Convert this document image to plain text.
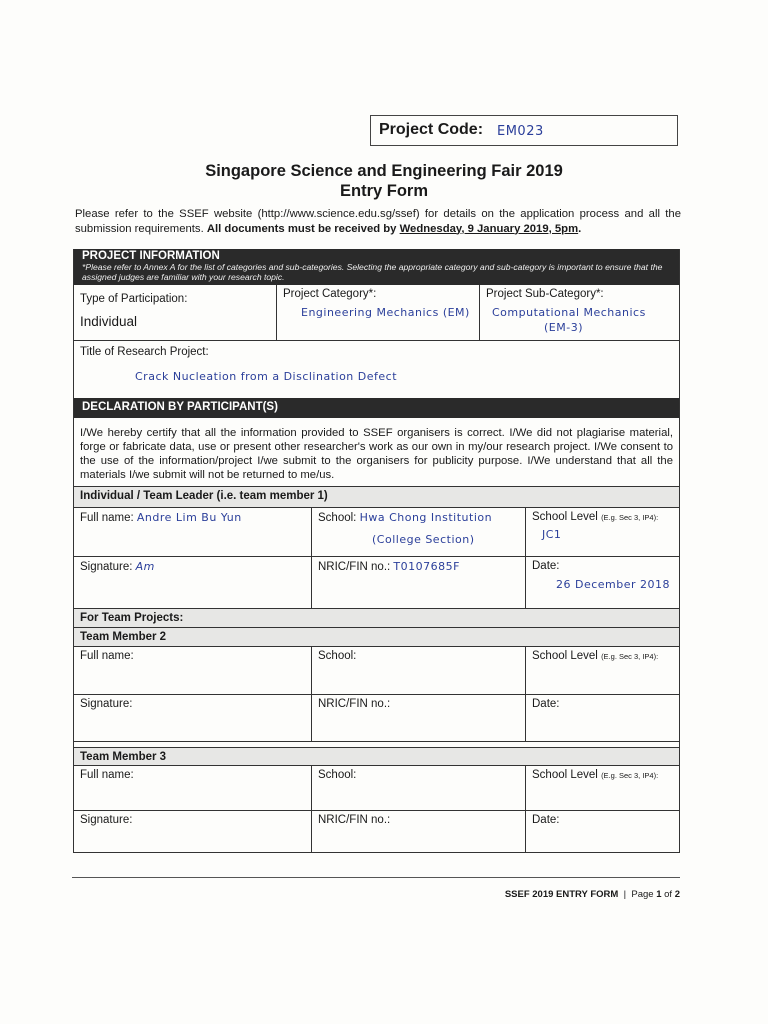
Project Code: EM023
Singapore Science and Engineering Fair 2019
Entry Form
Please refer to the SSEF website (http://www.science.edu.sg/ssef) for details on the application process and all the submission requirements. All documents must be received by Wednesday, 9 January 2019, 5pm.
PROJECT INFORMATION
*Please refer to Annex A for the list of categories and sub-categories. Selecting the appropriate category and sub-category is important to ensure that the assigned judges are familiar with your research topic.
Type of Participation:
Individual
Project Category*:
Engineering Mechanics (EM)
Project Sub-Category*:
Computational Mechanics
(EM-3)
Title of Research Project:
Crack Nucleation from a Disclination Defect
DECLARATION BY PARTICIPANT(S)
I/We hereby certify that all the information provided to SSEF organisers is correct. I/We did not plagiarise material, forge or fabricate data, use or present other researcher's work as our own in my/our research project. I/We consent to the use of the information/project I/we submit to the organisers for publicity purpose. I/We understand that all the materials I/we submit will not be returned to me/us.
Individual / Team Leader (i.e. team member 1)
Full name: Andre Lim Bu Yun	School: Hwa Chong Institution
(College Section)
School Level (E.g. Sec 3, IP4):
JC1
Signature: Am	NRIC/FIN no.: T0107685F	Date:
26 December 2018
For Team Projects:
Team Member 2
Full name:	School:	School Level (E.g. Sec 3, IP4):
Signature:	NRIC/FIN no.:	Date:
Team Member 3
Full name:	School:	School Level (E.g. Sec 3, IP4):
Signature:	NRIC/FIN no.:	Date:
SSEF 2019 ENTRY FORM | Page 1 of 2
